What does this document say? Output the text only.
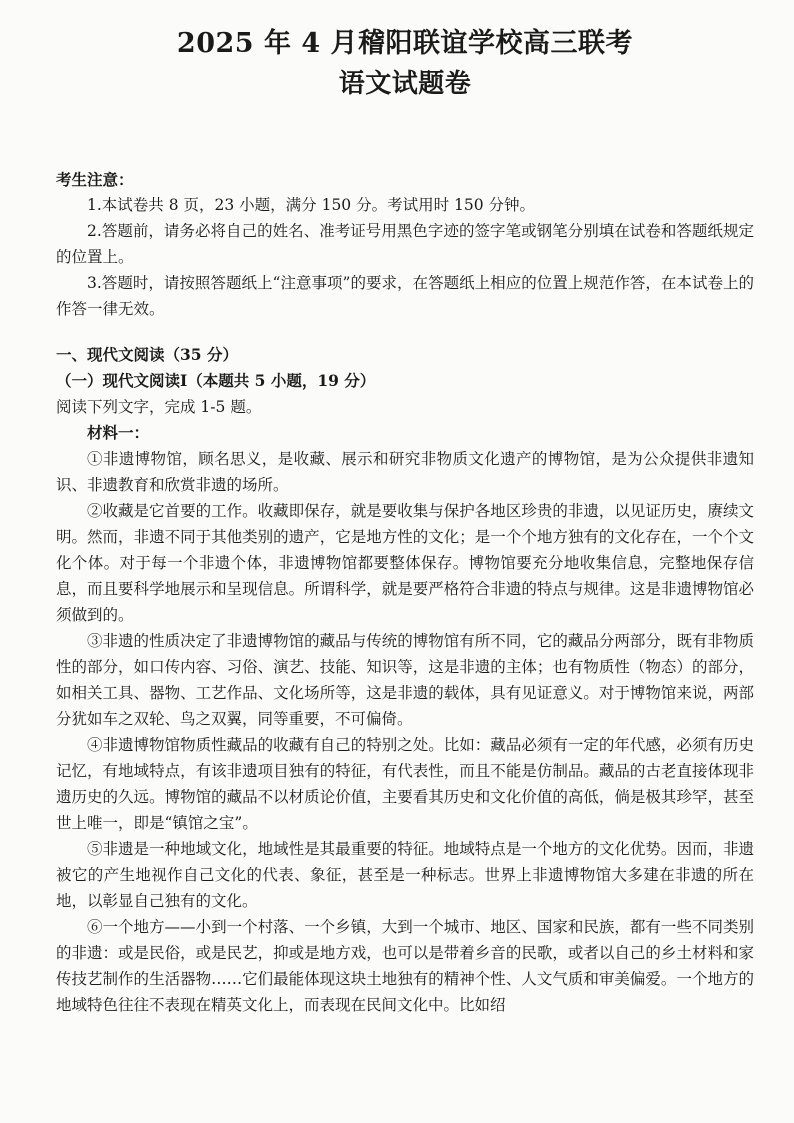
2025 年 4 月稽阳联谊学校高三联考
语文试题卷
考生注意：

1.本试卷共 8 页，23 小题，满分 150 分。考试用时 150 分钟。

2.答题前，请务必将自己的姓名、准考证号用黑色字迹的签字笔或钢笔分别填在试卷和答题纸规定的位置上。

3.答题时，请按照答题纸上“注意事项”的要求，在答题纸上相应的位置上规范作答，在本试卷上的作答一律无效。

一、现代文阅读（35 分）
（一）现代文阅读Ⅰ（本题共 5 小题，19 分）

阅读下列文字，完成 1-5 题。

材料一：

①非遗博物馆，顾名思义，是收藏、展示和研究非物质文化遗产的博物馆，是为公众提供非遗知识、非遗教育和欣赏非遗的场所。

②收藏是它首要的工作。收藏即保存，就是要收集与保护各地区珍贵的非遗，以见证历史，赓续文明。然而，非遗不同于其他类别的遗产，它是地方性的文化；是一个个地方独有的文化存在，一个个文化个体。对于每一个非遗个体，非遗博物馆都要整体保存。博物馆要充分地收集信息，完整地保存信息，而且要科学地展示和呈现信息。所谓科学，就是要严格符合非遗的特点与规律。这是非遗博物馆必须做到的。

③非遗的性质决定了非遗博物馆的藏品与传统的博物馆有所不同，它的藏品分两部分，既有非物质性的部分，如口传内容、习俗、演艺、技能、知识等，这是非遗的主体；也有物质性（物态）的部分，如相关工具、器物、工艺作品、文化场所等，这是非遗的载体，具有见证意义。对于博物馆来说，两部分犹如车之双轮、鸟之双翼，同等重要，不可偏倚。

④非遗博物馆物质性藏品的收藏有自己的特别之处。比如：藏品必须有一定的年代感，必须有历史记忆，有地域特点，有该非遗项目独有的特征，有代表性，而且不能是仿制品。藏品的古老直接体现非遗历史的久远。博物馆的藏品不以材质论价值，主要看其历史和文化价值的高低，倘是极其珍罕，甚至世上唯一，即是“镇馆之宝”。

⑤非遗是一种地域文化，地域性是其最重要的特征。地域特点是一个地方的文化优势。因而，非遗被它的产生地视作自己文化的代表、象征，甚至是一种标志。世界上非遗博物馆大多建在非遗的所在地，以彰显自己独有的文化。

⑥一个地方——小到一个村落、一个乡镇，大到一个城市、地区、国家和民族，都有一些不同类别的非遗：或是民俗，或是民艺，抑或是地方戏，也可以是带着乡音的民歌，或者以自己的乡土材料和家传技艺制作的生活器物……它们最能体现这块土地独有的精神个性、人文气质和审美偏爱。一个地方的地域特色往往不表现在精英文化上，而表现在民间文化中。比如绍
